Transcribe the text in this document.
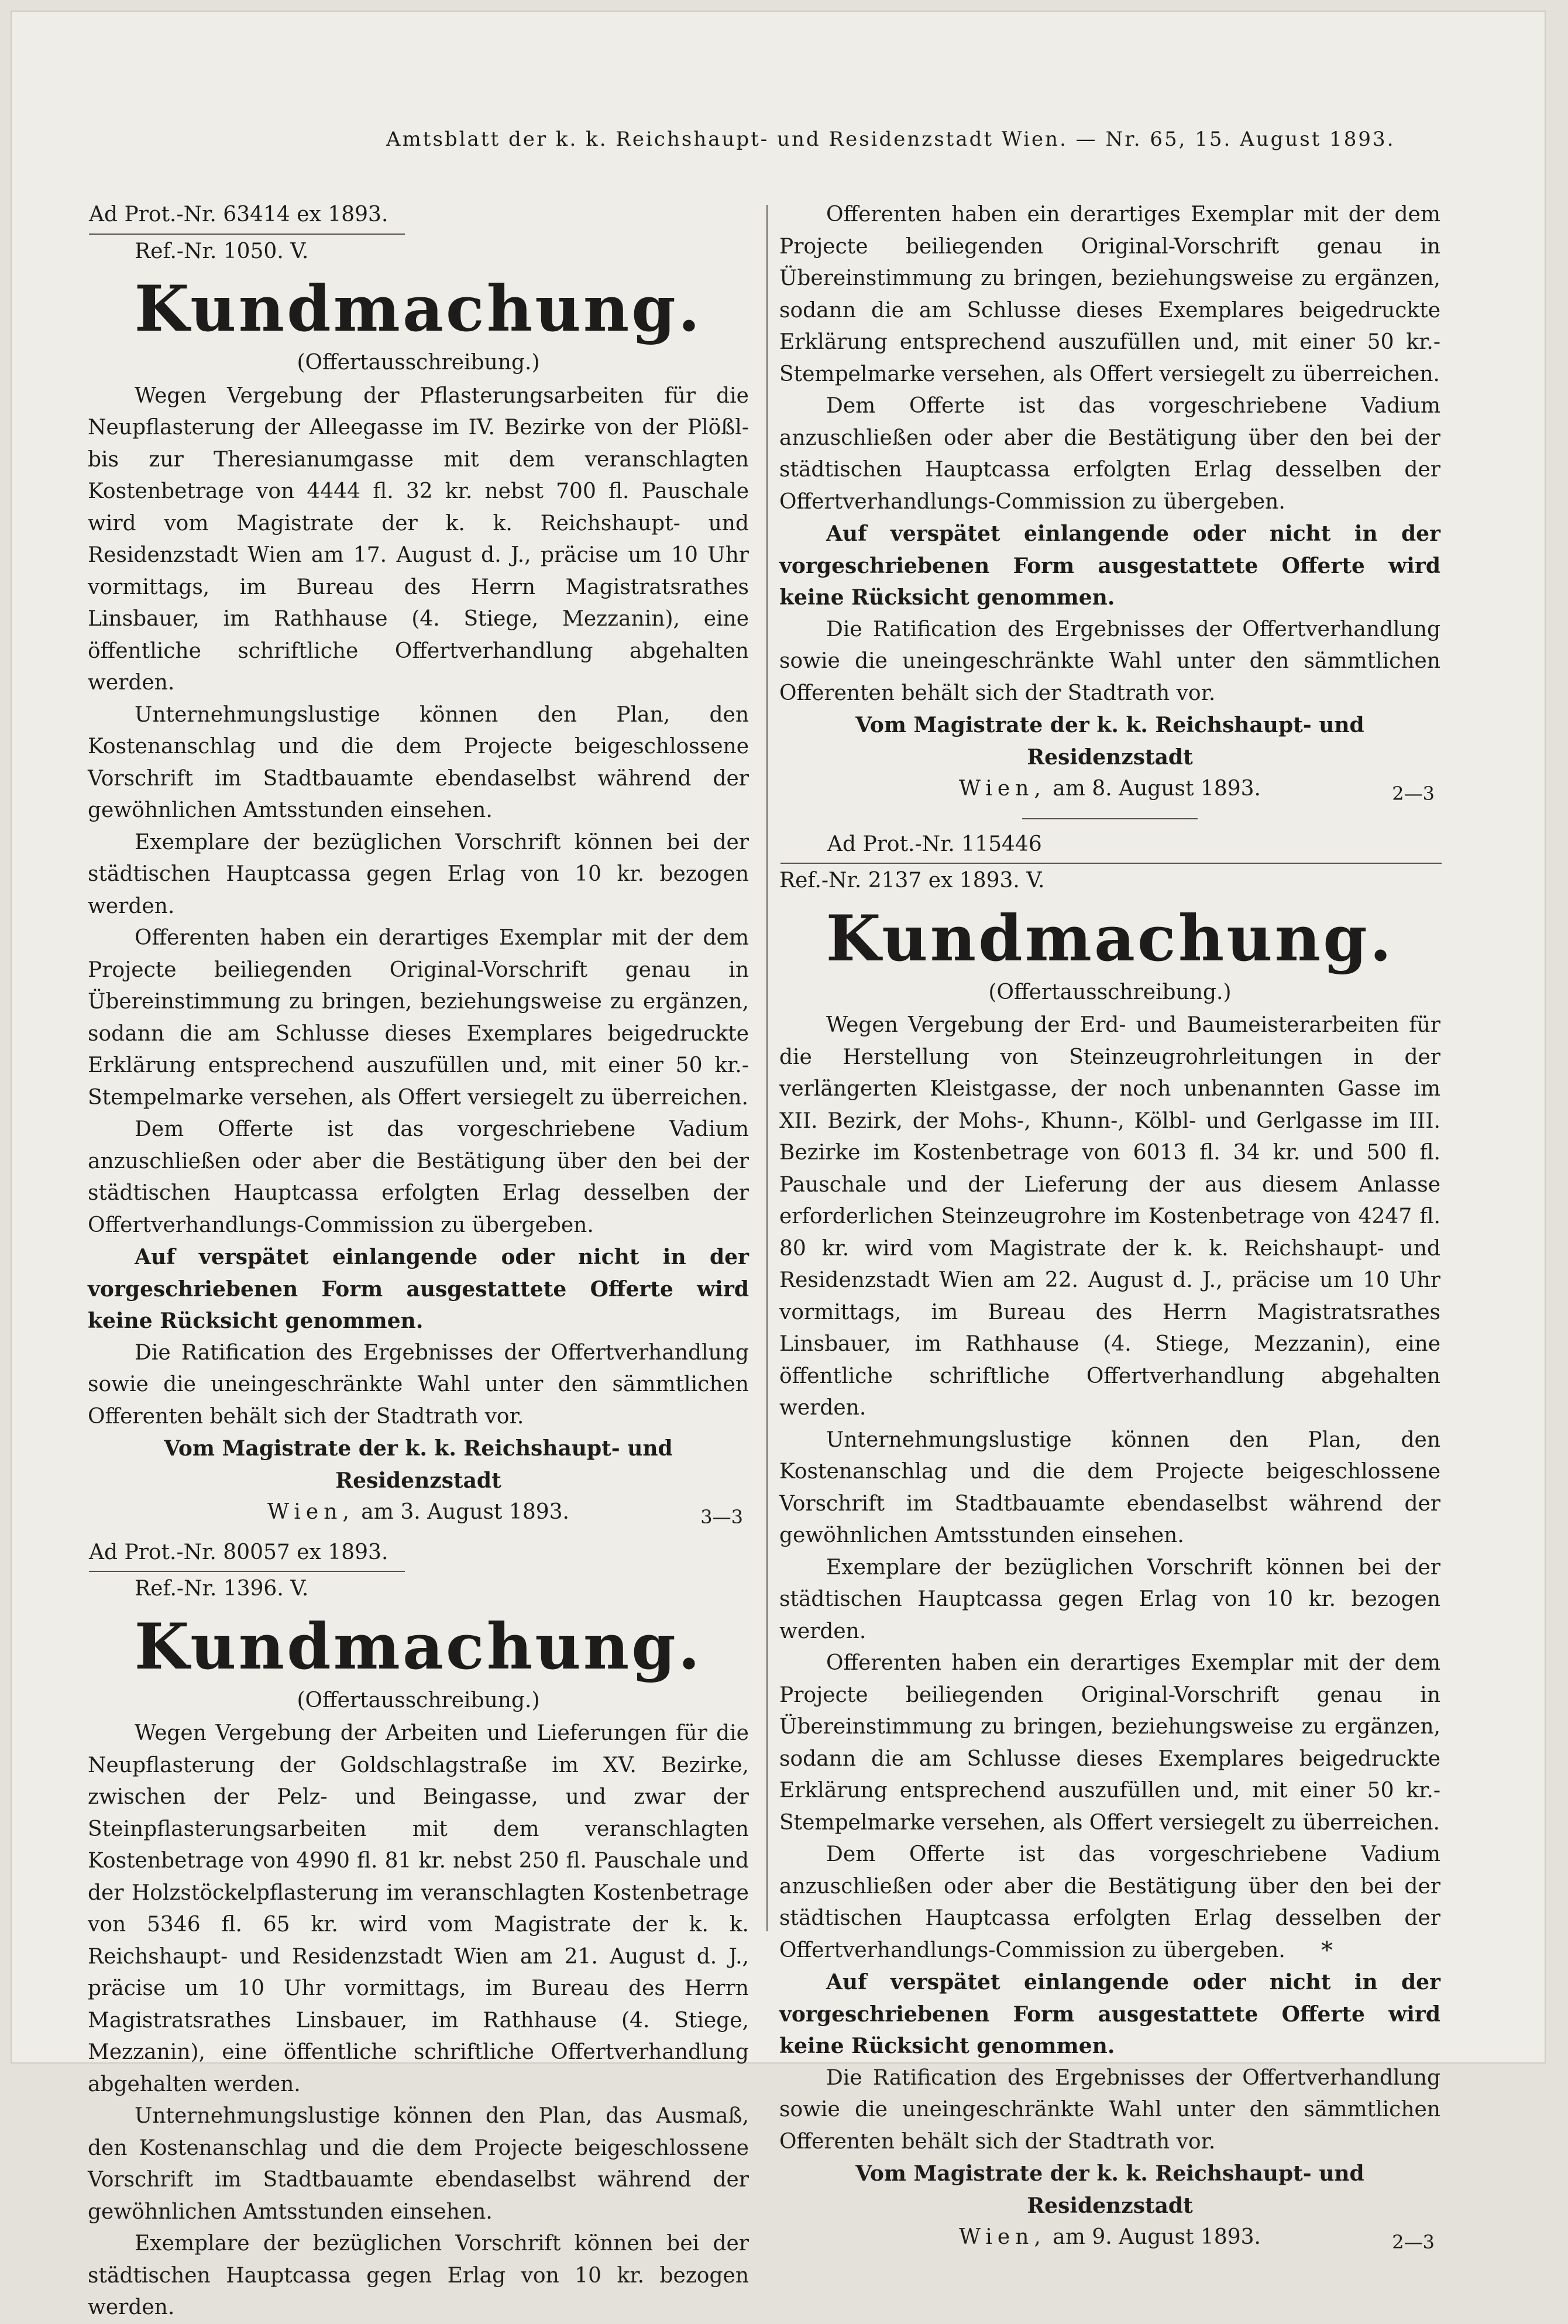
Amtsblatt der k. k. Reichshaupt- und Residenzstadt Wien. — Nr. 65, 15. August 1893.
Ad Prot.-Nr. 63414 ex 1893.
Ref.-Nr. 1050. V.
Kundmachung.
(Offertausschreibung.)

Wegen Vergebung der Pflasterungsarbeiten für die Neupflasterung der Alleegasse im IV. Bezirke von der Plößl- bis zur Theresianumgasse mit dem veranschlagten Kostenbetrage von 4444 fl. 32 kr. nebst 700 fl. Pauschale wird vom Magistrate der k. k. Reichshaupt- und Residenzstadt Wien am 17. August d. J., präcise um 10 Uhr vormittags, im Bureau des Herrn Magistratsrathes Linsbauer, im Rathhause (4. Stiege, Mezzanin), eine öffentliche schriftliche Offertverhandlung abgehalten werden.

Unternehmungslustige können den Plan, den Kostenanschlag und die dem Projecte beigeschlossene Vorschrift im Stadtbauamte ebendaselbst während der gewöhnlichen Amtsstunden einsehen.

Exemplare der bezüglichen Vorschrift können bei der städtischen Hauptcassa gegen Erlag von 10 kr. bezogen werden.

Offerenten haben ein derartiges Exemplar mit der dem Projecte beiliegenden Original-Vorschrift genau in Übereinstimmung zu bringen, beziehungsweise zu ergänzen, sodann die am Schlusse dieses Exemplares beigedruckte Erklärung entsprechend auszufüllen und, mit einer 50 kr.-Stempelmarke versehen, als Offert versiegelt zu überreichen.

Dem Offerte ist das vorgeschriebene Vadium anzuschließen oder aber die Bestätigung über den bei der städtischen Hauptcassa erfolgten Erlag desselben der Offertverhandlungs-Commission zu übergeben.

Auf verspätet einlangende oder nicht in der vorgeschriebenen Form ausgestattete Offerte wird keine Rücksicht genommen.

Die Ratification des Ergebnisses der Offertverhandlung sowie die uneingeschränkte Wahl unter den sämmtlichen Offerenten behält sich der Stadtrath vor.

Vom Magistrate der k. k. Reichshaupt- und Residenzstadt
Wien, am 3. August 1893.	3—3
Ad Prot.-Nr. 80057 ex 1893.
Ref.-Nr. 1396. V.
Kundmachung.
(Offertausschreibung.)

Wegen Vergebung der Arbeiten und Lieferungen für die Neupflasterung der Goldschlagstraße im XV. Bezirke, zwischen der Pelz- und Beingasse, und zwar der Steinpflasterungsarbeiten mit dem veranschlagten Kostenbetrage von 4990 fl. 81 kr. nebst 250 fl. Pauschale und der Holzstöckelpflasterung im veranschlagten Kostenbetrage von 5346 fl. 65 kr. wird vom Magistrate der k. k. Reichshaupt- und Residenzstadt Wien am 21. August d. J., präcise um 10 Uhr vormittags, im Bureau des Herrn Magistratsrathes Linsbauer, im Rathhause (4. Stiege, Mezzanin), eine öffentliche schriftliche Offertverhandlung abgehalten werden.

Unternehmungslustige können den Plan, das Ausmaß, den Kostenanschlag und die dem Projecte beigeschlossene Vorschrift im Stadtbauamte ebendaselbst während der gewöhnlichen Amtsstunden einsehen.

Exemplare der bezüglichen Vorschrift können bei der städtischen Hauptcassa gegen Erlag von 10 kr. bezogen werden.

Offerenten haben ein derartiges Exemplar mit der dem Projecte beiliegenden Original-Vorschrift genau in Übereinstimmung zu bringen, beziehungsweise zu ergänzen, sodann die am Schlusse dieses Exemplares beigedruckte Erklärung entsprechend auszufüllen und, mit einer 50 kr.-Stempelmarke versehen, als Offert versiegelt zu überreichen.

Dem Offerte ist das vorgeschriebene Vadium anzuschließen oder aber die Bestätigung über den bei der städtischen Hauptcassa erfolgten Erlag desselben der Offertverhandlungs-Commission zu übergeben.

Auf verspätet einlangende oder nicht in der vorgeschriebenen Form ausgestattete Offerte wird keine Rücksicht genommen.

Die Ratification des Ergebnisses der Offertverhandlung sowie die uneingeschränkte Wahl unter den sämmtlichen Offerenten behält sich der Stadtrath vor.

Vom Magistrate der k. k. Reichshaupt- und Residenzstadt
Wien, am 8. August 1893.	2—3
Ad Prot.-Nr. 115446
Ref.-Nr. 2137 ex 1893. V.
Kundmachung.
(Offertausschreibung.)

Wegen Vergebung der Erd- und Baumeisterarbeiten für die Herstellung von Steinzeugrohrleitungen in der verlängerten Kleistgasse, der noch unbenannten Gasse im XII. Bezirk, der Mohs-, Khunn-, Kölbl- und Gerlgasse im III. Bezirke im Kostenbetrage von 6013 fl. 34 kr. und 500 fl. Pauschale und der Lieferung der aus diesem Anlasse erforderlichen Steinzeugrohre im Kostenbetrage von 4247 fl. 80 kr. wird vom Magistrate der k. k. Reichshaupt- und Residenzstadt Wien am 22. August d. J., präcise um 10 Uhr vormittags, im Bureau des Herrn Magistratsrathes Linsbauer, im Rathhause (4. Stiege, Mezzanin), eine öffentliche schriftliche Offertverhandlung abgehalten werden.

Unternehmungslustige können den Plan, den Kostenanschlag und die dem Projecte beigeschlossene Vorschrift im Stadtbauamte ebendaselbst während der gewöhnlichen Amtsstunden einsehen.

Exemplare der bezüglichen Vorschrift können bei der städtischen Hauptcassa gegen Erlag von 10 kr. bezogen werden.

Offerenten haben ein derartiges Exemplar mit der dem Projecte beiliegenden Original-Vorschrift genau in Übereinstimmung zu bringen, beziehungsweise zu ergänzen, sodann die am Schlusse dieses Exemplares beigedruckte Erklärung entsprechend auszufüllen und, mit einer 50 kr.-Stempelmarke versehen, als Offert versiegelt zu überreichen.

Dem Offerte ist das vorgeschriebene Vadium anzuschließen oder aber die Bestätigung über den bei der städtischen Hauptcassa erfolgten Erlag desselben der Offertverhandlungs-Commission zu übergeben.

Auf verspätet einlangende oder nicht in der vorgeschriebenen Form ausgestattete Offerte wird keine Rücksicht genommen.

Die Ratification des Ergebnisses der Offertverhandlung sowie die uneingeschränkte Wahl unter den sämmtlichen Offerenten behält sich der Stadtrath vor.

Vom Magistrate der k. k. Reichshaupt- und Residenzstadt
Wien, am 9. August 1893.	2—3
*
